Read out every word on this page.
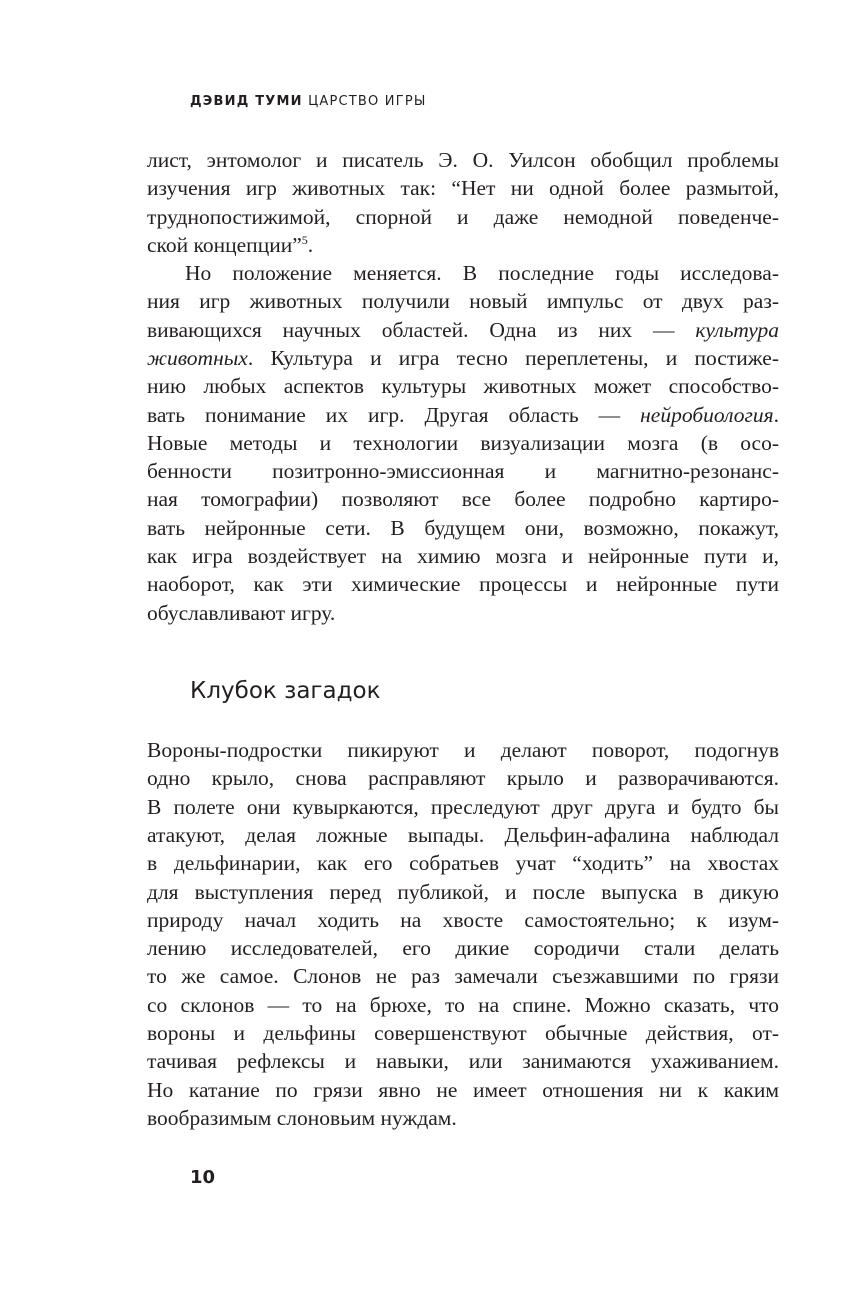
ДЭВИД ТУМИ ЦАРСТВО ИГРЫ
лист, энтомолог и писатель Э. О. Уилсон обобщил проблемы
изучения игр животных так: “Нет ни одной более размытой,
труднопостижимой, спорной и даже немодной поведенче-
ской концепции”$^5$.
Но положение меняется. В последние годы исследова-
ния игр животных получили новый импульс от двух раз-
вивающихся научных областей. Одна из них — культура
животных. Культура и игра тесно переплетены, и постиже-
нию любых аспектов культуры животных может способство-
вать понимание их игр. Другая область — нейробиология.
Новые методы и технологии визуализации мозга (в осо-
бенности позитронно-эмиссионная и магнитно-резонанс-
ная томографии) позволяют все более подробно картиро-
вать нейронные сети. В будущем они, возможно, покажут,
как игра воздействует на химию мозга и нейронные пути и,
наоборот, как эти химические процессы и нейронные пути
обуславливают игру.
Вороны-подростки пикируют и делают поворот, подогнув
одно крыло, снова расправляют крыло и разворачиваются.
В полете они кувыркаются, преследуют друг друга и будто бы
атакуют, делая ложные выпады. Дельфин-афалина наблюдал
в дельфинарии, как его собратьев учат “ходить” на хвостах
для выступления перед публикой, и после выпуска в дикую
природу начал ходить на хвосте самостоятельно; к изум-
лению исследователей, его дикие сородичи стали делать
то же самое. Слонов не раз замечали съезжавшими по грязи
со склонов — то на брюхе, то на спине. Можно сказать, что
вороны и дельфины совершенствуют обычные действия, от-
тачивая рефлексы и навыки, или занимаются ухаживанием.
Но катание по грязи явно не имеет отношения ни к каким
вообразимым слоновьим нуждам.
Клубок загадок
10
